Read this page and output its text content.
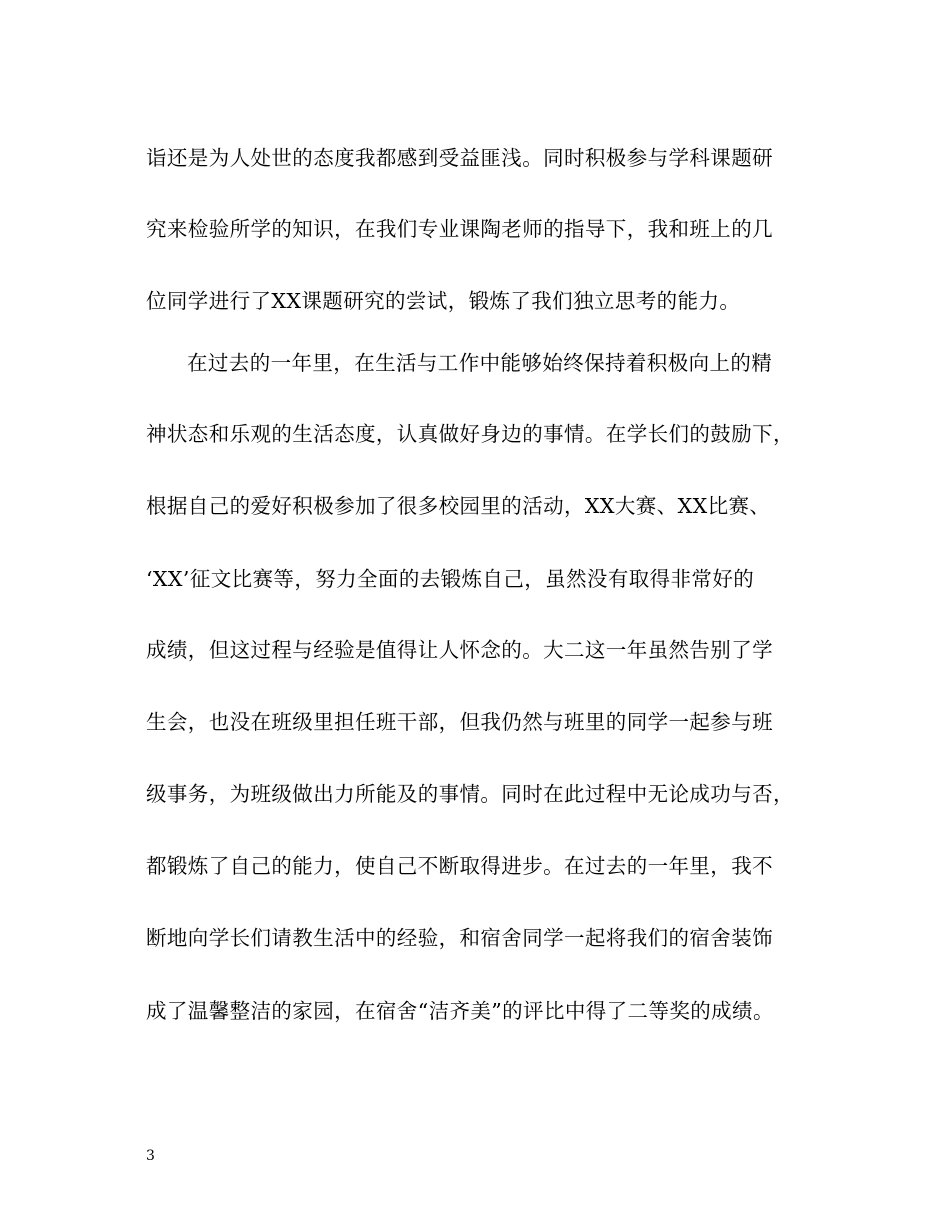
诣还是为人处世的态度我都感到受益匪浅。同时积极参与学科课题研
究来检验所学的知识，在我们专业课陶老师的指导下，我和班上的几
位同学进行了XX课题研究的尝试，锻炼了我们独立思考的能力。
在过去的一年里，在生活与工作中能够始终保持着积极向上的精
神状态和乐观的生活态度，认真做好身边的事情。在学长们的鼓励下，
根据自己的爱好积极参加了很多校园里的活动，XX大赛、XX比赛、
‘XX’征文比赛等，努力全面的去锻炼自己，虽然没有取得非常好的
成绩，但这过程与经验是值得让人怀念的。大二这一年虽然告别了学
生会，也没在班级里担任班干部，但我仍然与班里的同学一起参与班
级事务，为班级做出力所能及的事情。同时在此过程中无论成功与否，
都锻炼了自己的能力，使自己不断取得进步。在过去的一年里，我不
断地向学长们请教生活中的经验，和宿舍同学一起将我们的宿舍装饰
成了温馨整洁的家园，在宿舍“洁齐美”的评比中得了二等奖的成绩。
3
